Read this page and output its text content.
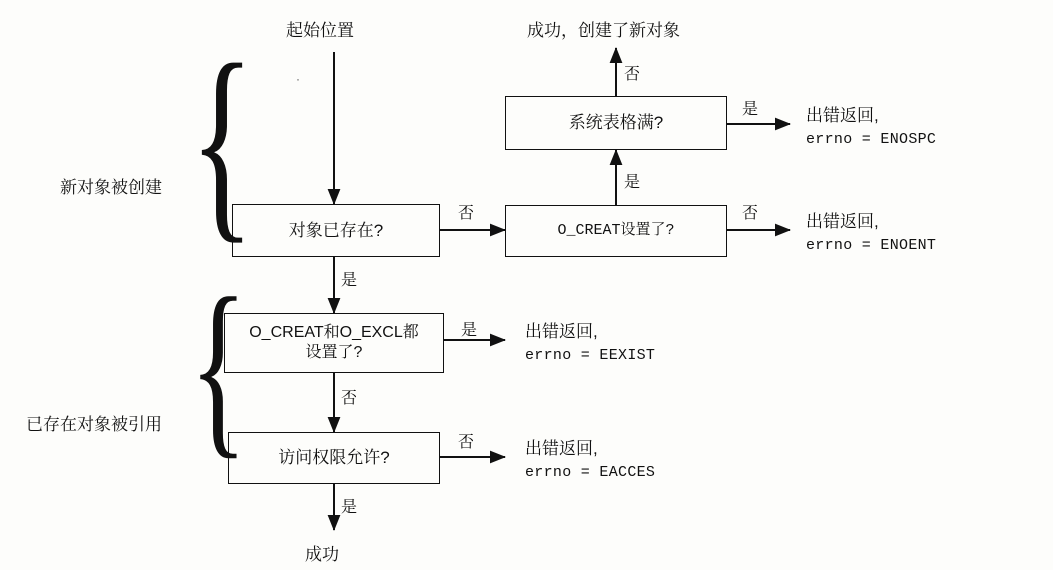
起始位置
成功
成功，创建了新对象
对象已存在?	O_CREAT设置了?
系统表格满?
O_CREAT和O_EXCL都
设置了?
访问权限允许?
否
是
否
是
否
是
是
否
否
是
出错返回,
errno = ENOSPC
出错返回,
errno = ENOENT
出错返回,
errno = EEXIST
出错返回,
errno = EACCES
{
新对象被创建
{
已存在对象被引用
·
